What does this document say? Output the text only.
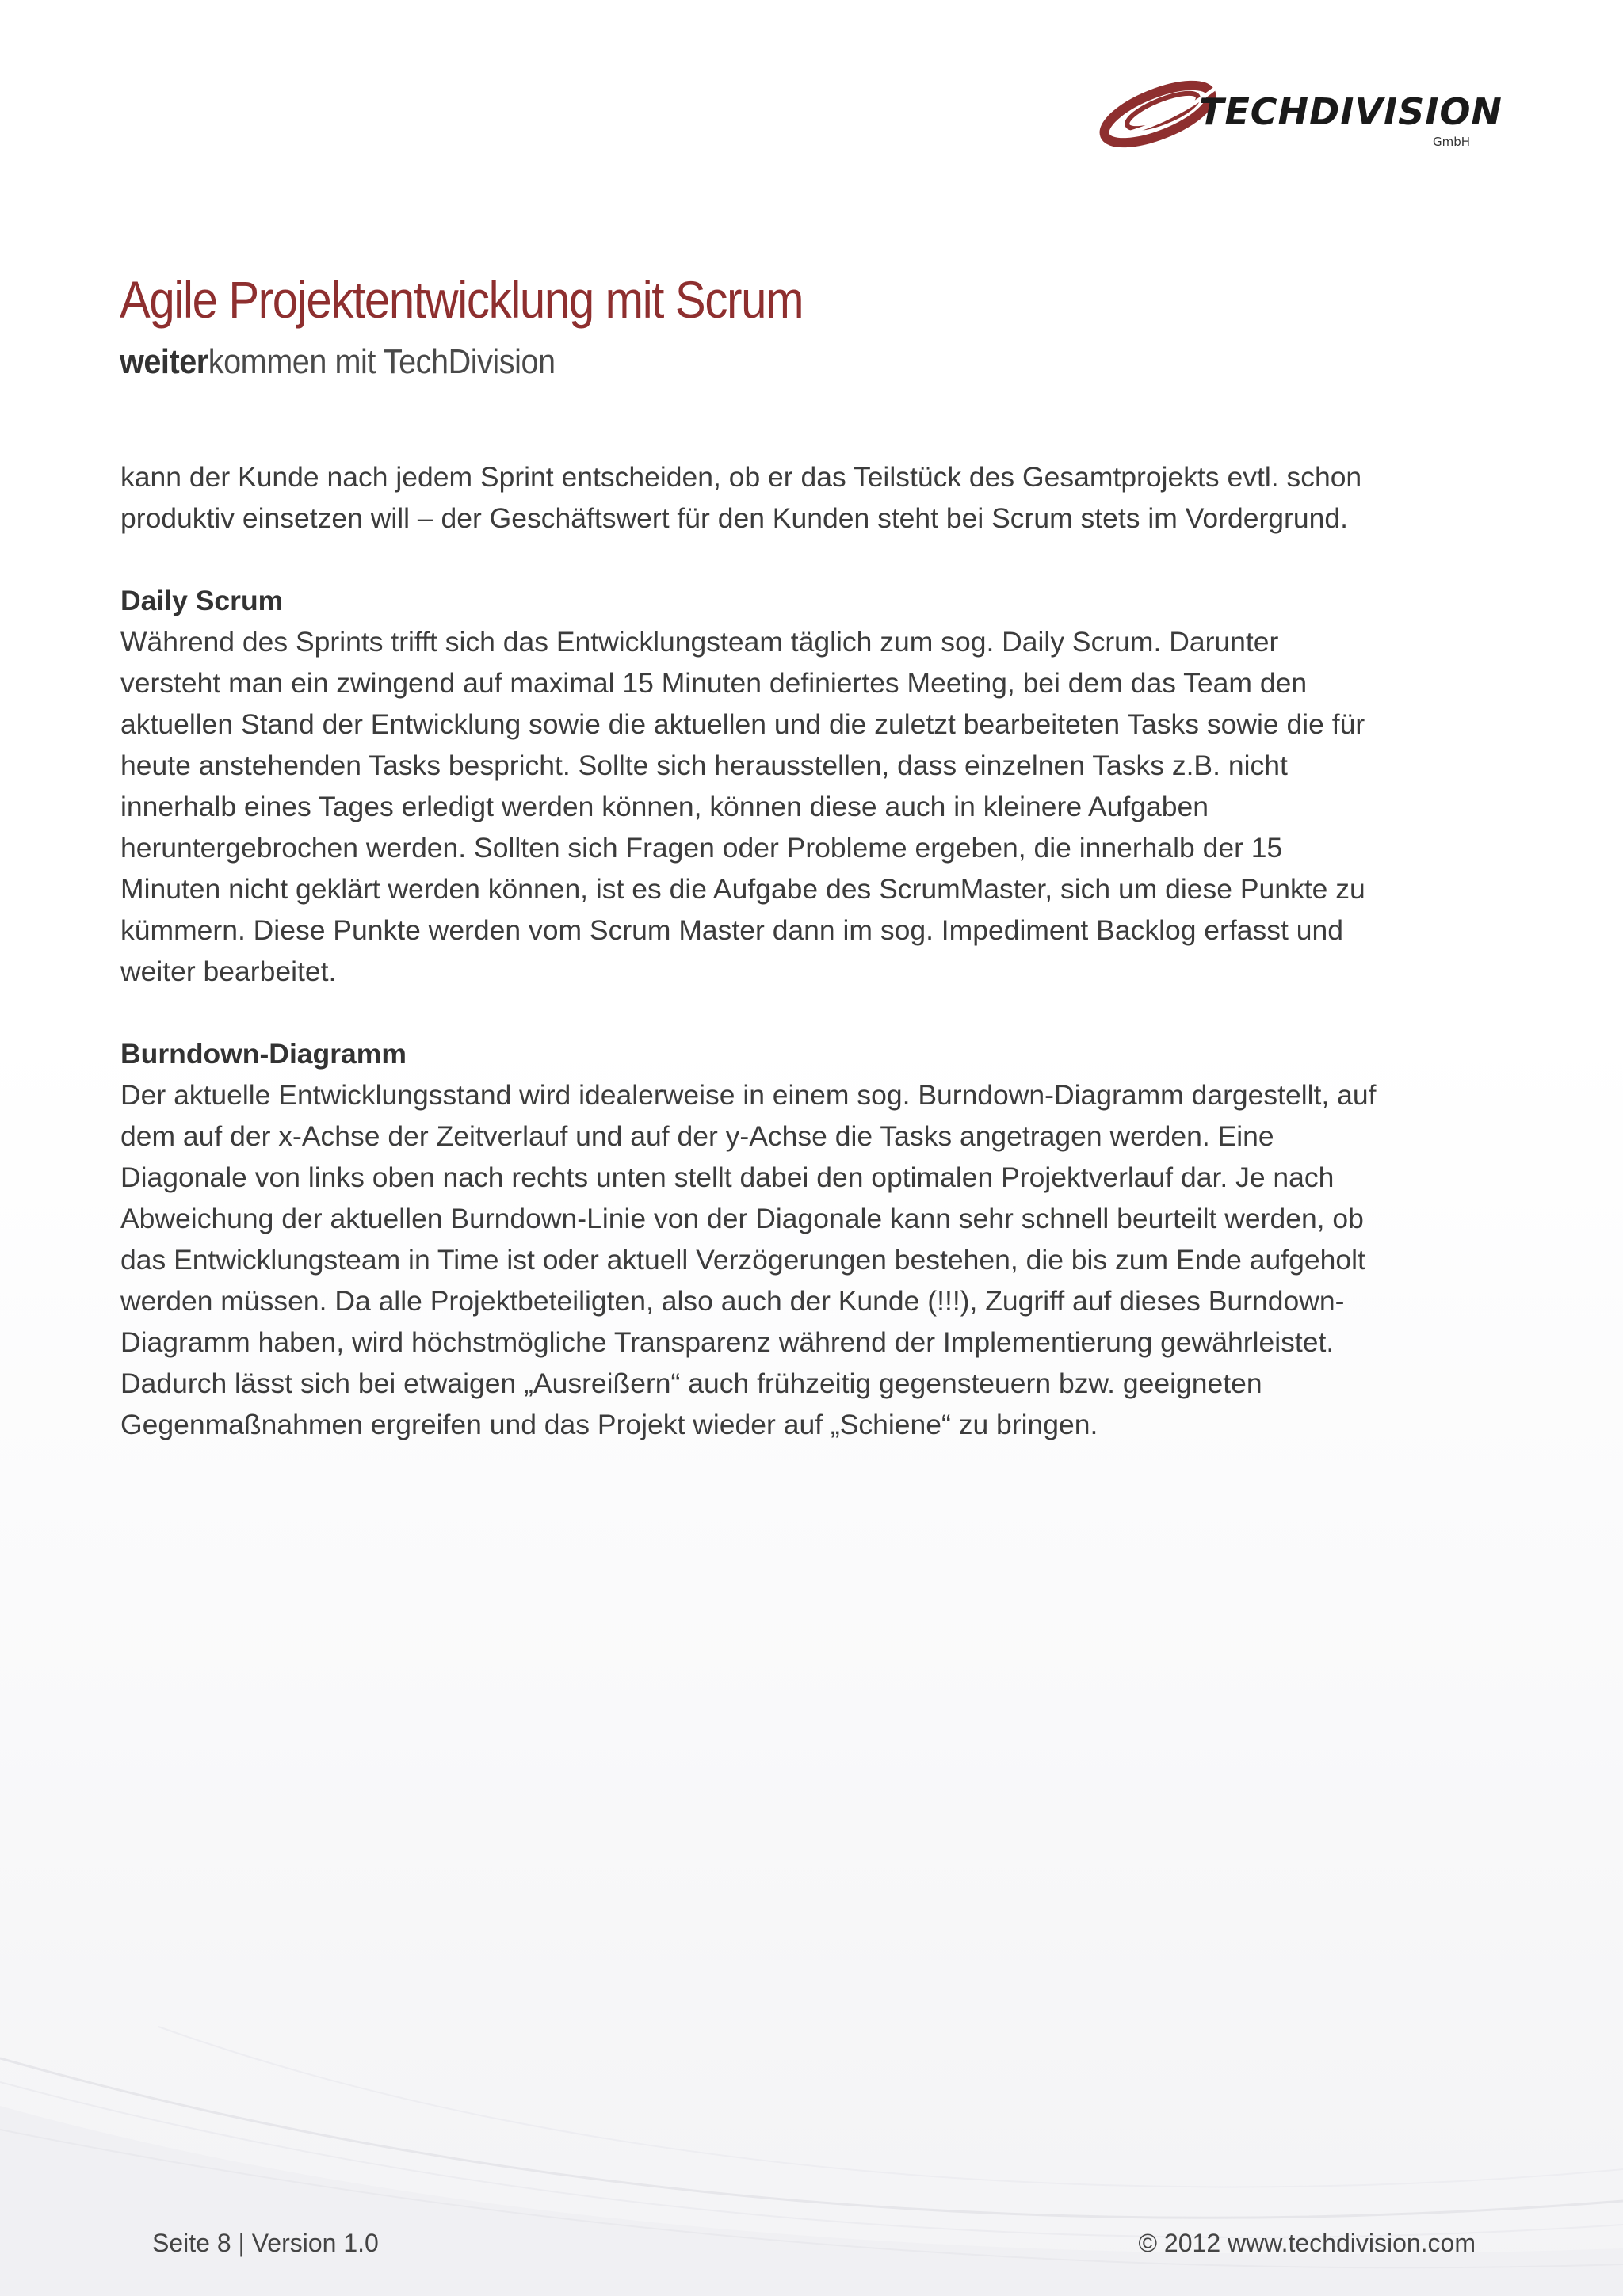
TECHDIVISION
GmbH
Agile Projektentwicklung mit Scrum
weiterkommen mit TechDivision

kann der Kunde nach jedem Sprint entscheiden, ob er das Teilstück des Gesamtprojekts evtl. schon
produktiv einsetzen will – der Geschäftswert für den Kunden steht bei Scrum stets im Vordergrund.

Daily Scrum
Während des Sprints trifft sich das Entwicklungsteam täglich zum sog. Daily Scrum. Darunter
versteht man ein zwingend auf maximal 15 Minuten definiertes Meeting, bei dem das Team den
aktuellen Stand der Entwicklung sowie die aktuellen und die zuletzt bearbeiteten Tasks sowie die für
heute anstehenden Tasks bespricht. Sollte sich herausstellen, dass einzelnen Tasks z.B. nicht
innerhalb eines Tages erledigt werden können, können diese auch in kleinere Aufgaben
heruntergebrochen werden. Sollten sich Fragen oder Probleme ergeben, die innerhalb der 15
Minuten nicht geklärt werden können, ist es die Aufgabe des ScrumMaster, sich um diese Punkte zu
kümmern. Diese Punkte werden vom Scrum Master dann im sog. Impediment Backlog erfasst und
weiter bearbeitet.
Burndown-Diagramm
Der aktuelle Entwicklungsstand wird idealerweise in einem sog. Burndown-Diagramm dargestellt, auf
dem auf der x-Achse der Zeitverlauf und auf der y-Achse die Tasks angetragen werden. Eine
Diagonale von links oben nach rechts unten stellt dabei den optimalen Projektverlauf dar. Je nach
Abweichung der aktuellen Burndown-Linie von der Diagonale kann sehr schnell beurteilt werden, ob
das Entwicklungsteam in Time ist oder aktuell Verzögerungen bestehen, die bis zum Ende aufgeholt
werden müssen. Da alle Projektbeteiligten, also auch der Kunde (!!!), Zugriff auf dieses Burndown-
Diagramm haben, wird höchstmögliche Transparenz während der Implementierung gewährleistet.
Dadurch lässt sich bei etwaigen „Ausreißern“ auch frühzeitig gegensteuern bzw. geeigneten
Gegenmaßnahmen ergreifen und das Projekt wieder auf „Schiene“ zu bringen.
Seite 8 | Version 1.0	© 2012 www.techdivision.com
